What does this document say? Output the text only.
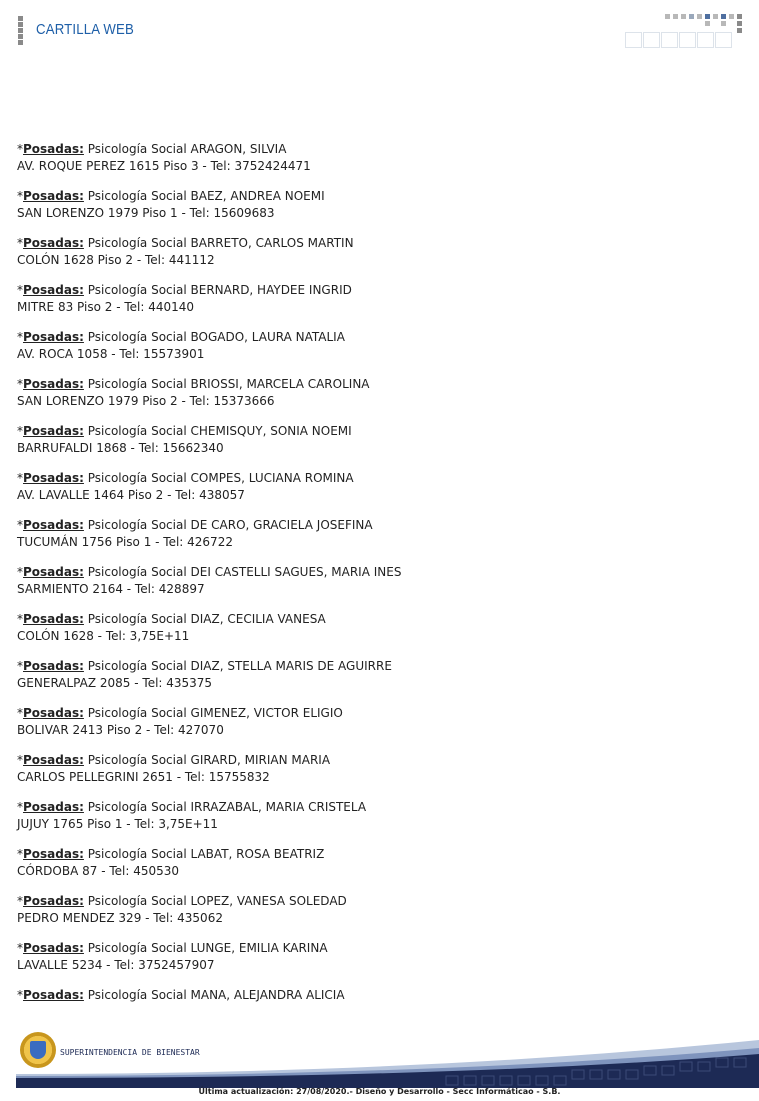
CARTILLA WEB
*Posadas: Psicología Social ARAGON, SILVIA
AV. ROQUE PEREZ 1615 Piso 3 - Tel: 3752424471
*Posadas: Psicología Social BAEZ, ANDREA NOEMI
SAN LORENZO 1979 Piso 1 - Tel: 15609683
*Posadas: Psicología Social BARRETO, CARLOS MARTIN
COLÓN 1628 Piso 2 - Tel: 441112
*Posadas: Psicología Social BERNARD, HAYDEE INGRID
MITRE 83 Piso 2 - Tel: 440140
*Posadas: Psicología Social BOGADO, LAURA NATALIA
AV. ROCA 1058 - Tel: 15573901
*Posadas: Psicología Social BRIOSSI, MARCELA CAROLINA
SAN LORENZO 1979 Piso 2 - Tel: 15373666
*Posadas: Psicología Social CHEMISQUY, SONIA NOEMI
BARRUFALDI 1868 - Tel: 15662340
*Posadas: Psicología Social COMPES, LUCIANA ROMINA
AV. LAVALLE 1464 Piso 2 - Tel: 438057
*Posadas: Psicología Social DE CARO, GRACIELA JOSEFINA
TUCUMÁN 1756 Piso 1 - Tel: 426722
*Posadas: Psicología Social DEI CASTELLI SAGUES, MARIA INES
SARMIENTO 2164 - Tel: 428897
*Posadas: Psicología Social DIAZ, CECILIA VANESA
COLÓN 1628 - Tel: 3,75E+11
*Posadas: Psicología Social DIAZ, STELLA MARIS DE AGUIRRE
GENERALPAZ 2085 - Tel: 435375
*Posadas: Psicología Social GIMENEZ, VICTOR ELIGIO
BOLIVAR 2413 Piso 2 - Tel: 427070
*Posadas: Psicología Social GIRARD, MIRIAN MARIA
CARLOS PELLEGRINI 2651 - Tel: 15755832
*Posadas: Psicología Social IRRAZABAL, MARIA CRISTELA
JUJUY 1765 Piso 1 - Tel: 3,75E+11
*Posadas: Psicología Social LABAT, ROSA BEATRIZ
CÓRDOBA 87 - Tel: 450530
*Posadas: Psicología Social LOPEZ, VANESA SOLEDAD
PEDRO MENDEZ 329 - Tel: 435062
*Posadas: Psicología Social LUNGE, EMILIA KARINA
LAVALLE 5234 - Tel: 3752457907
*Posadas: Psicología Social MANA, ALEJANDRA ALICIA
SUPERINTENDENCIA DE BIENESTAR
Última actualización: 27/08/2020.- Diseño y Desarrollo - Secc Informáticao - S.B.
